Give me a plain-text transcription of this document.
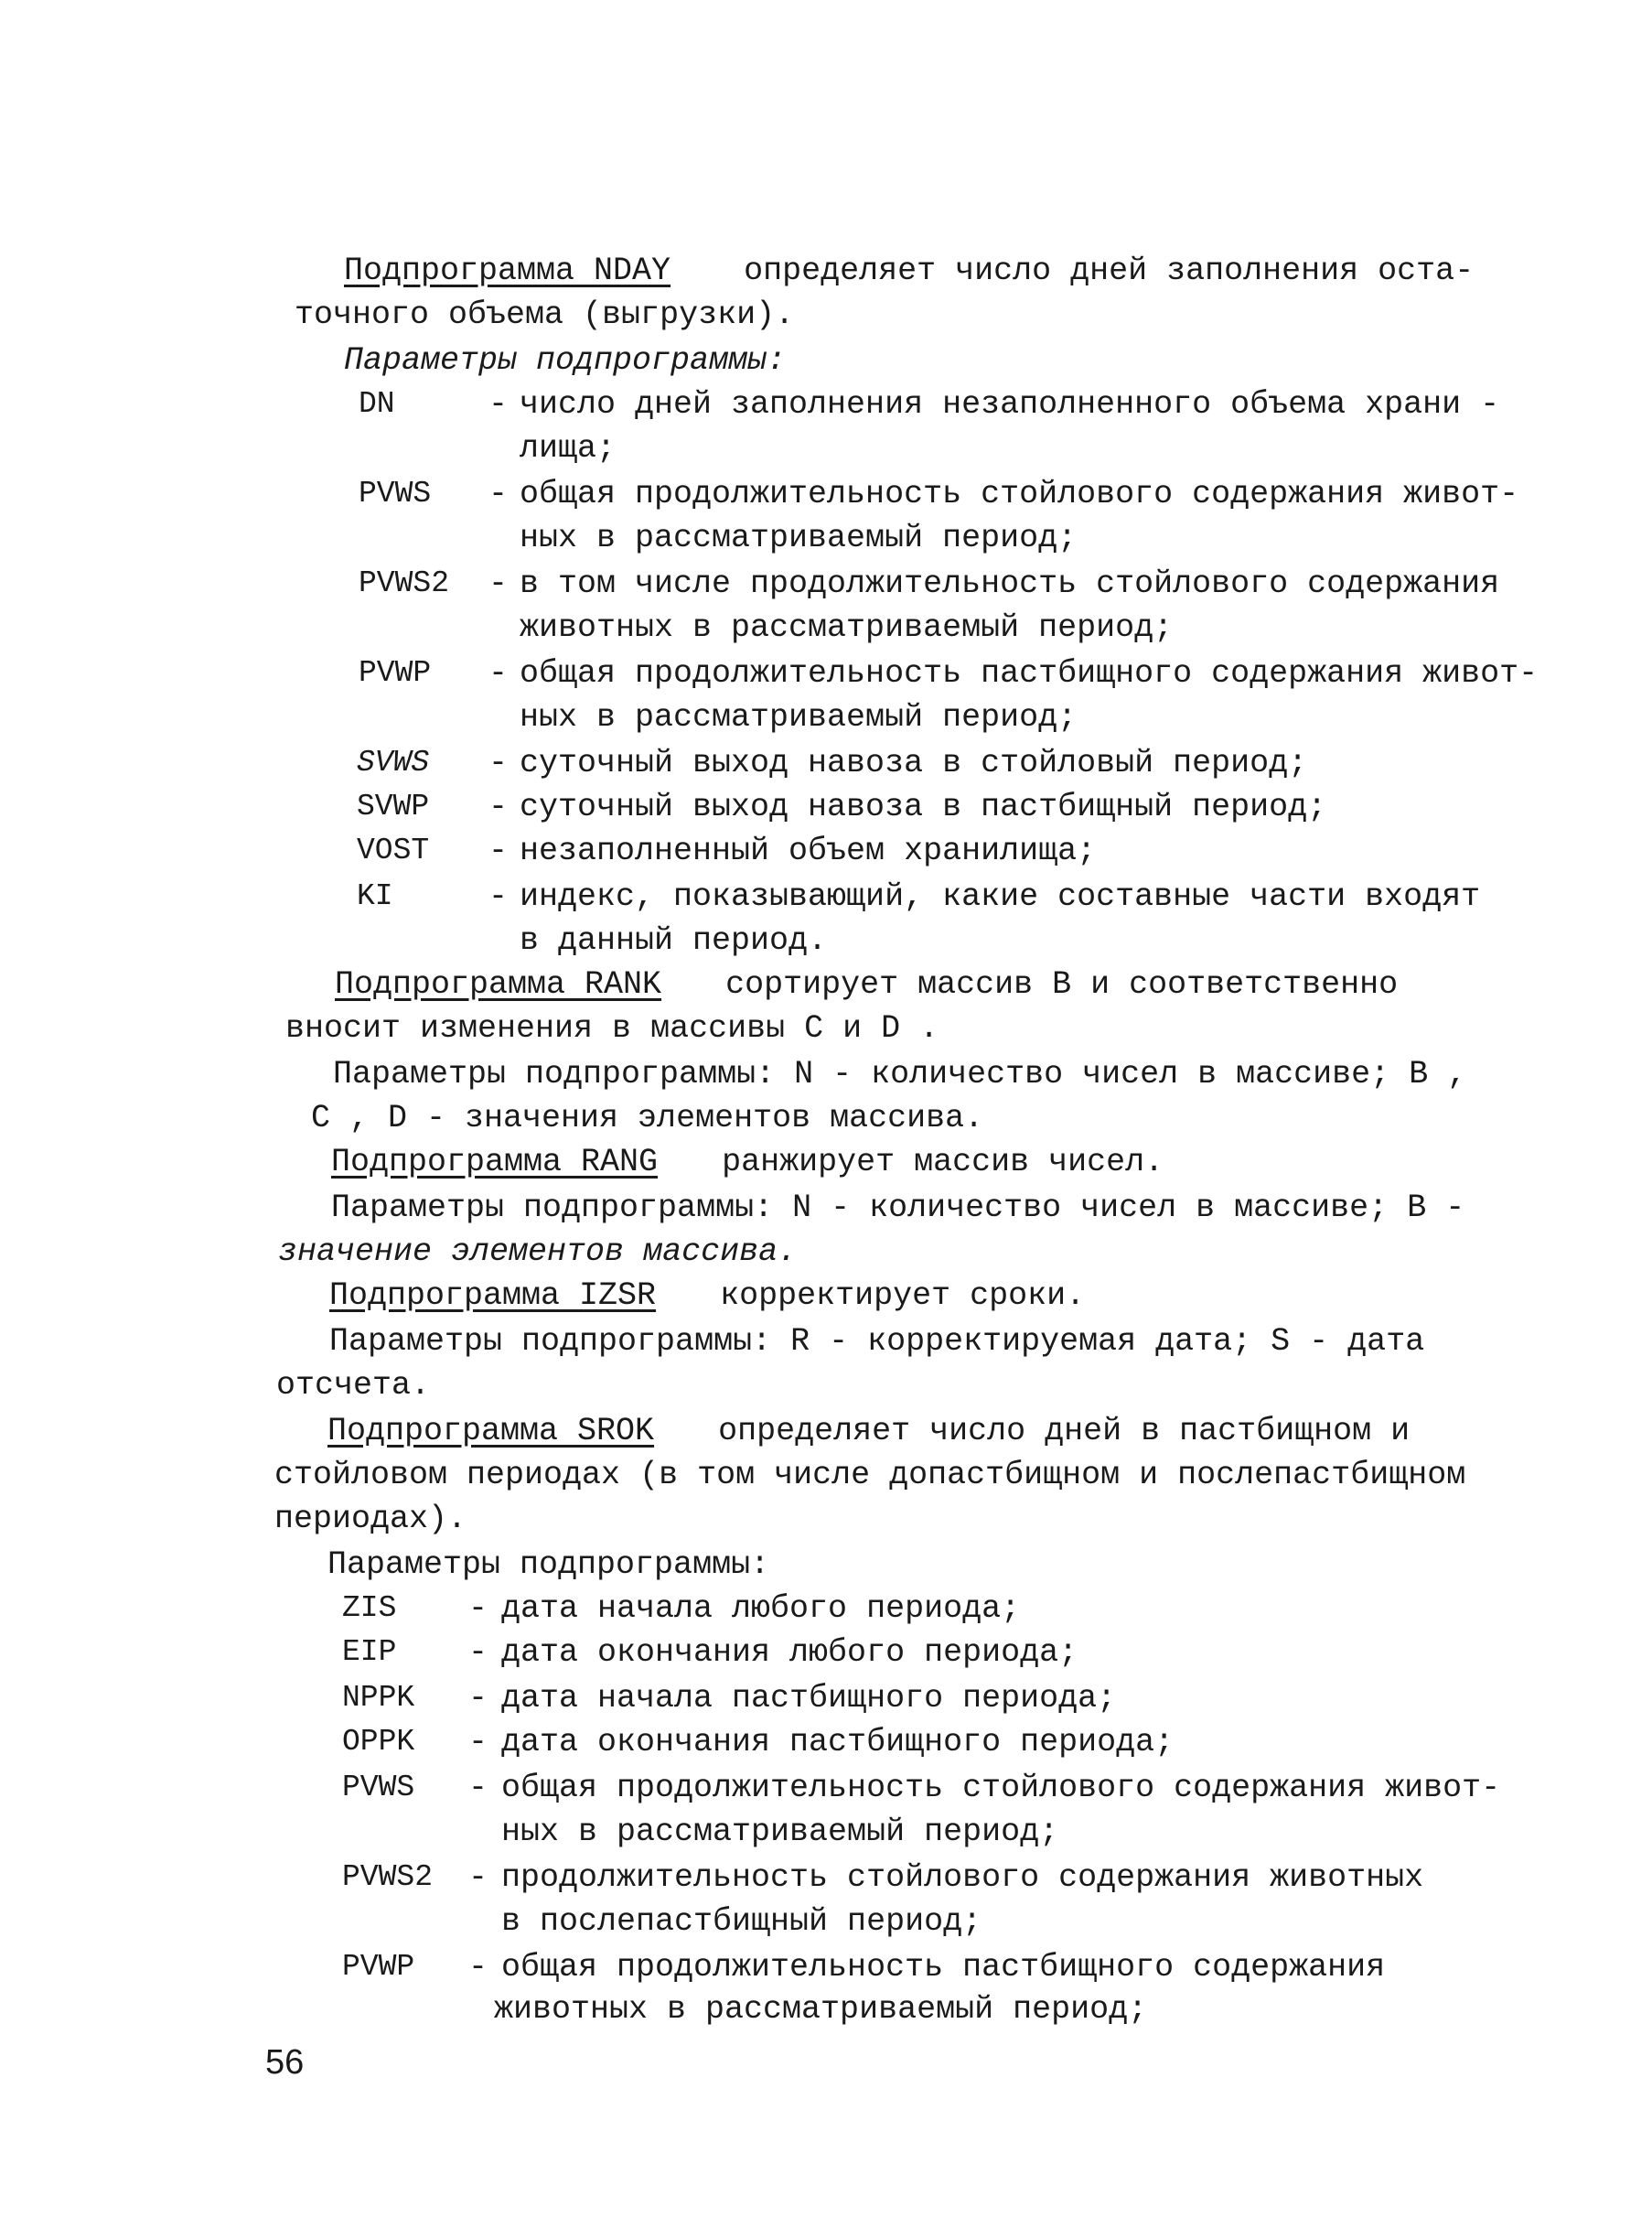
Подпрограмма NDAY определяет число дней заполнения оста-
точного объема (выгрузки).
Параметры подпрограммы:
DN	- число дней заполнения незаполненного объема храни -
лища;
PVWS - общая продолжительность стойлового содержания живот-
ных в рассматриваемый период;
PVWS2 - в том числе продолжительность стойлового содержания
животных в рассматриваемый период;
PVWP - общая продолжительность пастбищного содержания живот-
ных в рассматриваемый период;
SVWS - суточный выход навоза в стойловый период;
SVWP - суточный выход навоза в пастбищный период;
VOST - незаполненный объем хранилища;
KI	- индекс, показывающий, какие составные части входят
в данный период.
Подпрограмма RANK сортирует массив B и соответственно
вносит изменения в массивы C и D .
Параметры подпрограммы: N - количество чисел в массиве; B ,
C , D - значения элементов массива.
Подпрограмма RANG ранжирует массив чисел.
Параметры подпрограммы: N - количество чисел в массиве; B -
значение элементов массива.
Подпрограмма IZSR корректирует сроки.
Параметры подпрограммы: R - корректируемая дата; S - дата
отсчета.
Подпрограмма SROK определяет число дней в пастбищном и
стойловом периодах (в том числе допастбищном и послепастбищном
периодах).
Параметры подпрограммы:
ZIS - дата начала любого периода;
EIP - дата окончания любого периода;
NPPK - дата начала пастбищного периода;
OPPK - дата окончания пастбищного периода;
PVWS - общая продолжительность стойлового содержания живот-
ных в рассматриваемый период;
PVWS2 - продолжительность стойлового содержания животных
в послепастбищный период;
PVWP - общая продолжительность пастбищного содержания
животных в рассматриваемый период;
56
